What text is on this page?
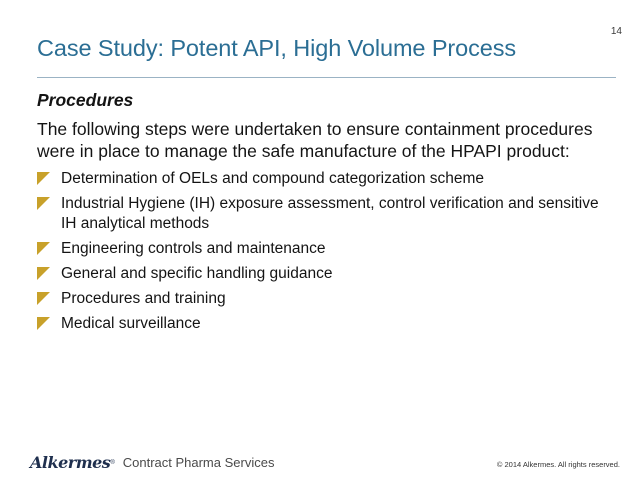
14
Case Study: Potent API, High Volume Process
Procedures

The following steps were undertaken to ensure containment procedures were in place to manage the safe manufacture of the HPAPI product:

Determination of OELs and compound categorization scheme
Industrial Hygiene (IH) exposure assessment, control verification and sensitive IH analytical methods
Engineering controls and maintenance
General and specific handling guidance
Procedures and training
Medical surveillance
Alkermes ® Contract Pharma Services	© 2014 Alkermes. All rights reserved.
